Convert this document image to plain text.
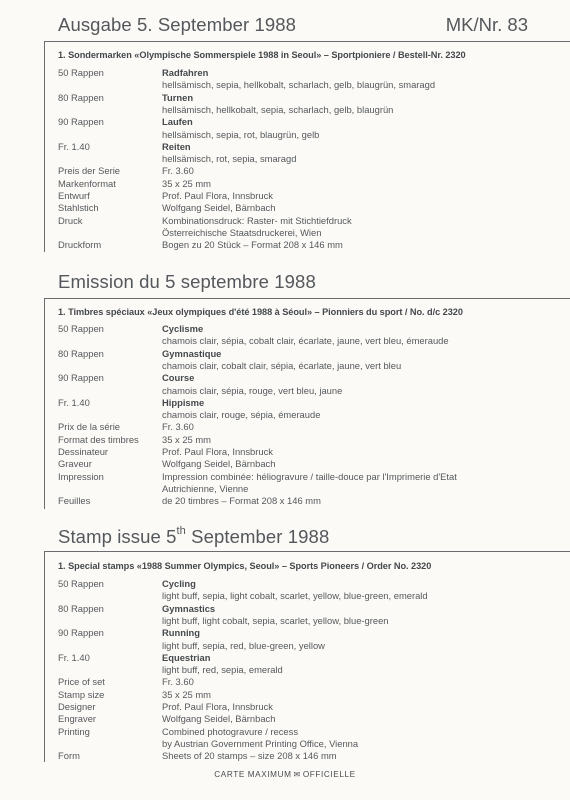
Ausgabe 5. September 1988	MK/Nr. 83
1. Sondermarken «Olympische Sommerspiele 1988 in Seoul» – Sportpioniere / Bestell-Nr. 2320
50 Rappen	Radfahren
hellsämisch, sepia, hellkobalt, scharlach, gelb, blaugrün, smaragd
80 Rappen	Turnen
hellsämisch, hellkobalt, sepia, scharlach, gelb, blaugrün
90 Rappen	Laufen
hellsämisch, sepia, rot, blaugrün, gelb
Fr. 1.40	Reiten
hellsämisch, rot, sepia, smaragd
Preis der Serie	Fr. 3.60
Markenformat	35 x 25 mm
Entwurf	Prof. Paul Flora, Innsbruck
Stahlstich	Wolfgang Seidel, Bärnbach
Druck	Kombinationsdruck: Raster- mit Stichtiefdruck
Österreichische Staatsdruckerei, Wien
Druckform	Bogen zu 20 Stück – Format 208 x 146 mm
Emission du 5 septembre 1988
1. Timbres spéciaux «Jeux olympiques d'été 1988 à Séoul» – Pionniers du sport / No. d/c 2320
50 Rappen	Cyclisme
chamois clair, sépia, cobalt clair, écarlate, jaune, vert bleu, émeraude
80 Rappen	Gymnastique
chamois clair, cobalt clair, sépia, écarlate, jaune, vert bleu
90 Rappen	Course
chamois clair, sépia, rouge, vert bleu, jaune
Fr. 1.40	Hippisme
chamois clair, rouge, sépia, émeraude
Prix de la série	Fr. 3.60
Format des timbres 35 x 25 mm
Dessinateur	Prof. Paul Flora, Innsbruck
Graveur	Wolfgang Seidel, Bärnbach
Impression	Impression combinée: héliogravure / taille-douce par l'Imprimerie d'Etat
Autrichienne, Vienne
Feuilles	de 20 timbres – Format 208 x 146 mm
Stamp issue 5th September 1988
1. Special stamps «1988 Summer Olympics, Seoul» – Sports Pioneers / Order No. 2320
50 Rappen	Cycling
light buff, sepia, light cobalt, scarlet, yellow, blue-green, emerald
80 Rappen	Gymnastics
light buff, light cobalt, sepia, scarlet, yellow, blue-green
90 Rappen	Running
light buff, sepia, red, blue-green, yellow
Fr. 1.40	Equestrian
light buff, red, sepia, emerald
Price of set	Fr. 3.60
Stamp size	35 x 25 mm
Designer	Prof. Paul Flora, Innsbruck
Engraver	Wolfgang Seidel, Bärnbach
Printing	Combined photogravure / recess
by Austrian Government Printing Office, Vienna
Form	Sheets of 20 stamps – size 208 x 146 mm
CARTE MAXIMUM ✉ OFFICIELLE
